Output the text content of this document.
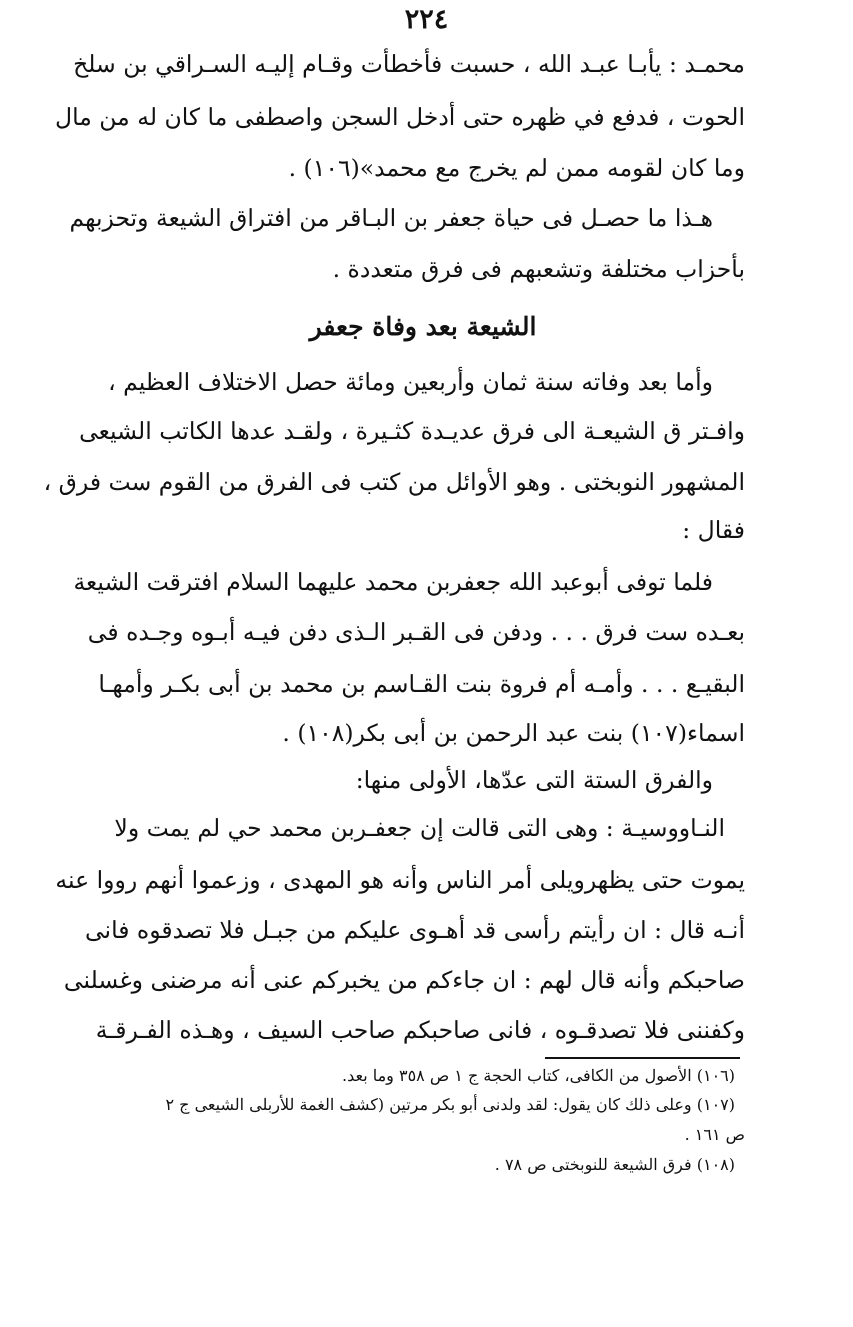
٢٢٤
محمـد : يأبـا عبـد الله ، حسبت فأخطأت وقـام إليـه السـراقي بن سلخ
الحوت ، فدفع في ظهره حتى أدخل السجن واصطفى ما كان له من مال
وما كان لقومه ممن لم يخرج مع محمد»(١٠٦) .
هـذا ما حصـل فى حياة جعفر بن البـاقر من افتراق الشيعة وتحزبهم
بأحزاب مختلفة وتشعبهم فى فرق متعددة .
الشيعة بعد وفاة جعفر
وأما بعد وفاته سنة ثمان وأربعين ومائة حصل الاختلاف العظيم ،
وافـتر ق الشيعـة الى فرق عديـدة كثـيرة ، ولقـد عدها الكاتب الشيعى
المشهور النوبختى . وهو الأوائل من كتب فى الفرق من القوم ست فرق ،
فقال :
فلما توفى أبوعبد الله جعفربن محمد عليهما السلام افترقت الشيعة
بعـده ست فرق . . . ودفن فى القـبر الـذى دفن فيـه أبـوه وجـده فى
البقيـع . . . وأمـه أم فروة بنت القـاسم بن محمد بن أبى بكـر وأمهـا
اسماء(١٠٧) بنت عبد الرحمن بن أبى بكر(١٠٨) .
والفرق الستة التى عدّها، الأولى منها:
النـاووسيـة : وهى التى قالت إن جعفـربن محمد حي لم يمت ولا
يموت حتى يظهرويلى أمر الناس وأنه هو المهدى ، وزعموا أنهم رووا عنه
أنـه قال : ان رأيتم رأسى قد أهـوى عليكم من جبـل فلا تصدقوه فانى
صاحبكم وأنه قال لهم : ان جاءكم من يخبركم عنى أنه مرضنى وغسلنى
وكفننى فلا تصدقـوه ، فانى صاحبكم صاحب السيف ، وهـذه الفـرقـة
(١٠٦) الأصول من الكافى، كتاب الحجة ج ١ ص ٣٥٨ وما بعد.
(١٠٧) وعلى ذلك كان يقول: لقد ولدنى أبو بكر مرتين (كشف الغمة للأربلى الشيعى ج ٢
ص ١٦١ .
(١٠٨) فرق الشيعة للنوبختى ص ٧٨ .
